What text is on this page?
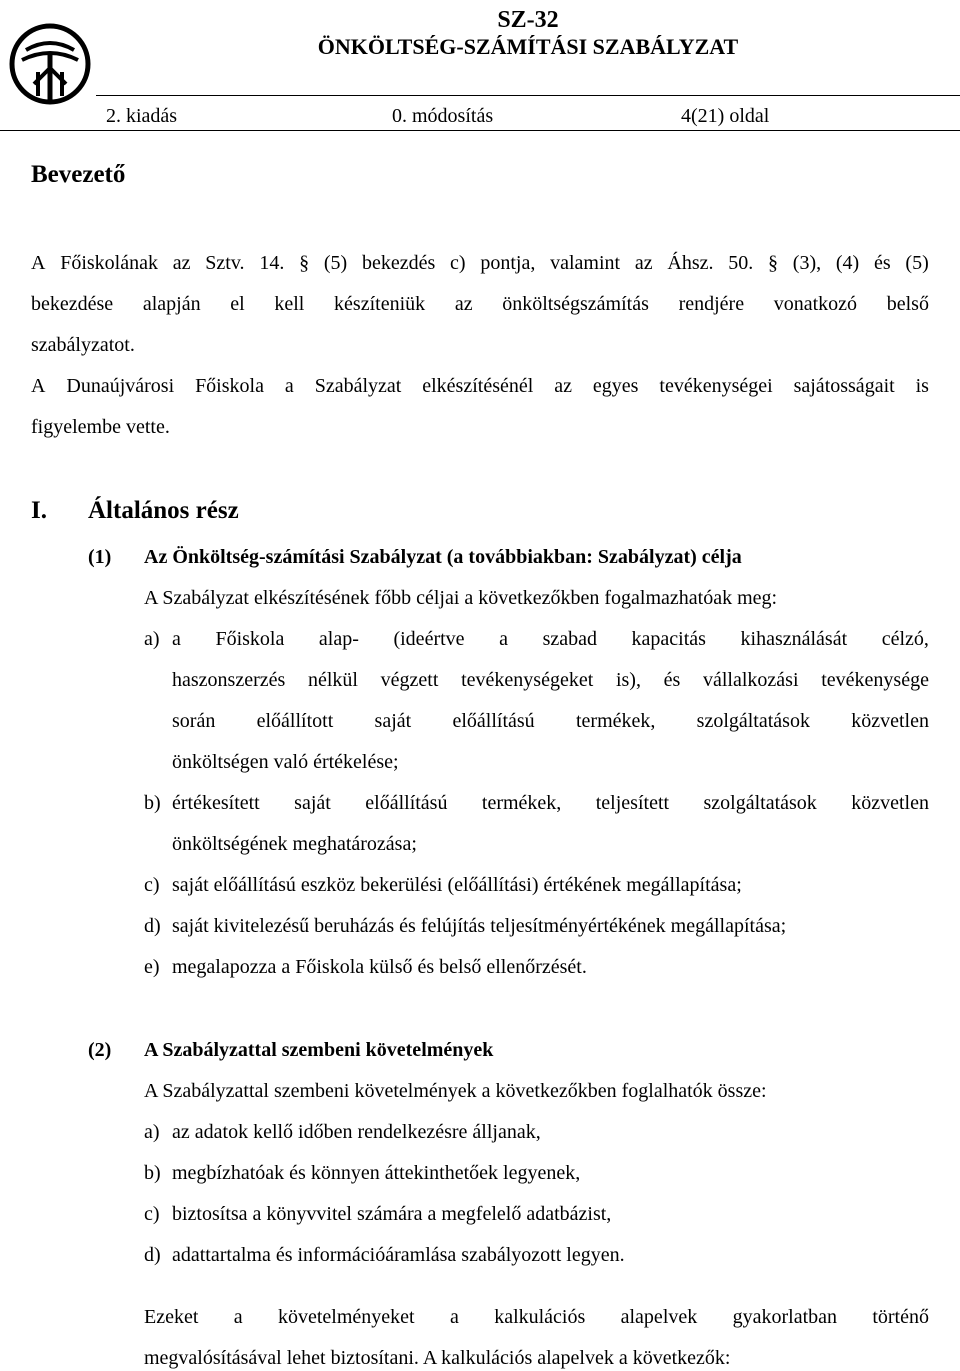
SZ-32
ÖNKÖLTSÉG-SZÁMÍTÁSI SZABÁLYZAT
2. kiadás	0. módosítás	4(21) oldal
Bevezető
A Főiskolának az Sztv. 14. § (5) bekezdés c) pontja, valamint az Áhsz. 50. § (3), (4) és (5)
bekezdése alapján el kell készíteniük az önköltségszámítás rendjére vonatkozó belső
szabályzatot.
A Dunaújvárosi Főiskola a Szabályzat elkészítésénél az egyes tevékenységei sajátosságait is
figyelembe vette.
I. Általános rész
(1) Az Önköltség-számítási Szabályzat (a továbbiakban: Szabályzat) célja
A Szabályzat elkészítésének főbb céljai a következőkben fogalmazhatóak meg:
a) a Főiskola alap- (ideértve a szabad kapacitás kihasználását célzó,
haszonszerzés nélkül végzett tevékenységeket is), és vállalkozási tevékenysége
során előállított saját előállítású termékek, szolgáltatások közvetlen
önköltségen való értékelése;
b) értékesített saját előállítású termékek, teljesített szolgáltatások közvetlen
önköltségének meghatározása;
c) saját előállítású eszköz bekerülési (előállítási) értékének megállapítása;
d) saját kivitelezésű beruházás és felújítás teljesítményértékének megállapítása;
e) megalapozza a Főiskola külső és belső ellenőrzését.
(2) A Szabályzattal szembeni követelmények
A Szabályzattal szembeni követelmények a következőkben foglalhatók össze:
a) az adatok kellő időben rendelkezésre álljanak,
b) megbízhatóak és könnyen áttekinthetőek legyenek,
c) biztosítsa a könyvvitel számára a megfelelő adatbázist,
d) adattartalma és információáramlása szabályozott legyen.
Ezeket a követelményeket a kalkulációs alapelvek gyakorlatban történő
megvalósításával lehet biztosítani. A kalkulációs alapelvek a következők:
